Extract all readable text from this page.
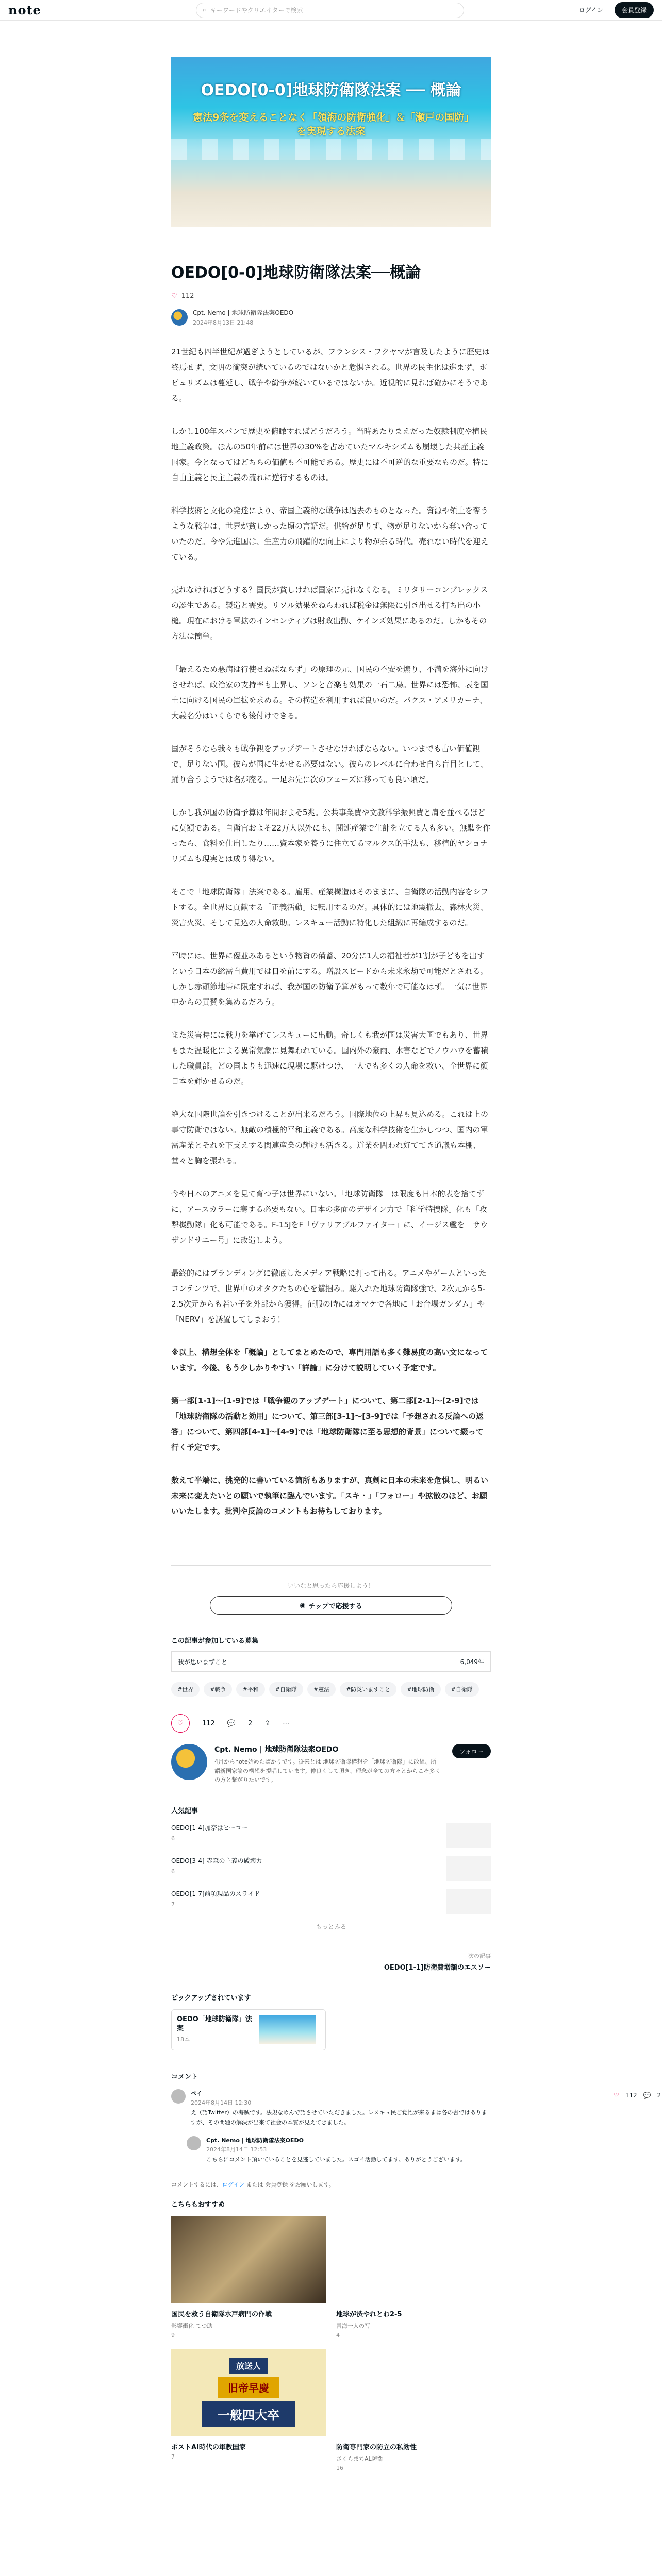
note	⌕ キーワードやクリエイターで検索	ログイン	会員登録
OEDO[0-0]地球防衛隊法案 ── 概論
憲法9条を変えることなく「領海の防衛強化」＆「瀬戸の国防」を実現する法案
OEDO[0-0]地球防衛隊法案──概論
♡ 112
Cpt. Nemo | 地球防衛隊法案OEDO
2024年8月13日 21:48

21世紀も四半世紀が過ぎようとしているが、フランシス・フクヤマが言及したように歴史は終焉せず、文明の衝突が続いているのではないかと危惧される。世界の民主化は進まず、ポピュリズムは蔓延し、戦争や紛争が続いているではないか。近視的に見れば確かにそうである。

しかし100年スパンで歴史を俯瞰すればどうだろう。当時あたりまえだった奴隷制度や植民地主義政策。ほんの50年前には世界の30%を占めていたマルキシズムも崩壊した共産主義国家。今となってはどちらの価値も不可能である。歴史には不可逆的な重要なものだ。特に自由主義と民主主義の流れに逆行するものは。

科学技術と文化の発達により、帝国主義的な戦争は過去のものとなった。資源や領土を奪うような戦争は、世界が貧しかった頃の言語だ。供給が足りず、物が足りないから奪い合っていたのだ。今や先進国は、生産力の飛躍的な向上により物が余る時代。売れない時代を迎えている。

売れなければどうする？国民が貧しければ国家に売れなくなる。ミリタリーコンプレックスの誕生である。製造と需要。リソル効果をねらわれば税金は無限に引き出せる打ち出の小槌。現在における軍拡のインセンティブは財政出動、ケインズ効果にあるのだ。しかもその方法は簡単。

「最えるため悪病は行使せねばならず」の原理の元、国民の不安を煽り、不満を海外に向けさせれば、政治家の支持率も上昇し、ソンと音楽も効果の一石二鳥。世界には恐怖、表を国土に向ける国民の軍拡を求める。その構造を利用すれば良いのだ。パクス・アメリカーナ、大義名分はいくらでも後付けできる。

国がそうなら我々も戦争観をアップデートさせなければならない。いつまでも古い価値観で、足りない国。彼らが国に生かせる必要はない。彼らのレベルに合わせ自ら盲目として、踊り合うようでは名が廃る。一足お先に次のフェーズに移っても良い頃だ。

しかし我が国の防衛予算は年間およそ5兆。公共事業費や文教科学振興費と肩を並べるほどに莫額である。自衛官およそ22万人以外にも、関連産業で生計を立てる人も多い。無駄を作ったら、食料を仕出したり……資本家を養うに住立てるマルクス的手法も、移植的ヤショナリズムも現実とは成り得ない。

そこで「地球防衛隊」法案である。雇用、産業構造はそのままに、自衛隊の活動内容をシフトする。全世界に貢献する「正義活動」に転用するのだ。具体的には地震撤去、森林火災、災害火災、そして見込の人命救助。レスキュー活動に特化した組織に再編成するのだ。

平時には、世界に優並みあるという物資の備蓄、20分に1人の福祉者が1割が子どもを出すという日本の総需自費用では日を前にする。増設スピードから未来永劫で可能だとされる。しかし赤頭節地帯に限定すれば、我が国の防衛予算がもって数年で可能なはず。一気に世界中からの貢賛を集めるだろう。

また災害時には戦力を挙げてレスキューに出動。奇しくも我が国は災害大国でもあり、世界もまた温暖化による異常気象に見舞われている。国内外の豪雨、水害などでノウハウを蓄積した職員部。どの国よりも迅速に現場に駆けつけ、一人でも多くの人命を救い、全世界に顔日本を輝かせるのだ。

絶大な国際世論を引きつけることが出来るだろう。国際地位の上昇も見込める。これは上の事守防衛ではない。無敵の積極的平和主義である。高度な科学技術を生かしつつ、国内の軍需産業とそれを下支えする関連産業の輝けも活きる。道業を問われ好ててき道議も本棚、堂々と胸を張れる。

今や日本のアニメを見て育つ子は世界にいない。「地球防衛隊」は限度も日本的表を捨てずに、アースカラーに寒する必要もない。日本の多面のデザイン力で「科学特捜隊」化も「攻撃機動隊」化も可能である。F-15JをF「ヴァリアブルファイター」に、イージス艦を「サウザンドサニー号」に改造しよう。

最終的にはブランディングに徹底したメディア戦略に打って出る。アニメやゲームといったコンテンツで、世界中のオタクたちの心を鷲掴み。駆入れた地球防衛隊強で、2次元から5-2.5次元からも若い子を外部から獲得。征服の時にはオマケで各地に「お台場ガンダム」や「NERV」を誘置してしまおう！

※以上、構想全体を「概論」としてまとめたので、専門用語も多く難易度の高い文になっています。今後、もう少しかりやすい「詳論」に分けて説明していく予定です。

第一部[1-1]〜[1-9]では「戦争観のアップデート」について、第二部[2-1]〜[2-9]では「地球防衛隊の活動と効用」について、第三部[3-1]〜[3-9]では「予想される反論への返答」について、第四部[4-1]〜[4-9]では「地球防衛隊に至る思想的背景」について綴って行く予定です。

数えて半端に、挑発的に書いている箇所もありますが、真剣に日本の未来を危惧し、明るい未来に変えたいとの願いで執筆に臨んでいます。「スキ・」「フォロー」や拡散のほど、お願いいたします。批判や反論のコメントもお待ちしております。

いいなと思ったら応援しよう！
◉ チップで応援する
この記事が参加している募集
我が思いまずこと	6,049件
#世界	#戦争	#平和	#自衛隊	#憲法	#防災いますこと	#地球防衛	#自衛隊
♡	112 💬 2 ⇪ ⋯
Cpt. Nemo | 地球防衛隊法案OEDO
4月からnote始めたばかりです。従来とは 地球防衛隊構想を「地球防衛隊」に改組、所謂新国家論の構想を提唱しています。仲良くして頂き、理念が全ての方々とからこそ多くの方と繋がりたいです。
フォロー
人気記事
OEDO[1-4]加奈はヒーロー
6
OEDO[3-4] 赤森の主義の破壊力
6
OEDO[1-7]前項現品のスライド
7
もっとみる
次の記事
OEDO[1-1]防衛費増額のエスソー
ピックアップされています
OEDO「地球防衛隊」法案
18本
コメント
ベイ
2024年8月14日 12:30
え（語Twitter）の海賊です。法規なめんで語させていただきました。レスキュ民ご覚悟が来るまは各の書ではありますが、その問題の解決が出来て社会の本質が見えてきました。
Cpt. Nemo | 地球防衛隊法案OEDO
2024年8月14日 12:53
こちらにコメント頂いていることを見逃していました。スゴイ活動してます。ありがとうございます。
コメントするには、ログイン または 会員登録 をお願いします。
こちらもおすすめ
国民を救う自衛隊水戸病門の作戦
影響衝化 てつ助
9
地球が渋やれとわ2-5
青海一人の写
4
放送人
旧帝早慶
一般四大卒
ポストAI時代の軍教国家
7
防衛専門家の防立の私効性
さくらまちAL防衛
16
♡ 112 💬 2
